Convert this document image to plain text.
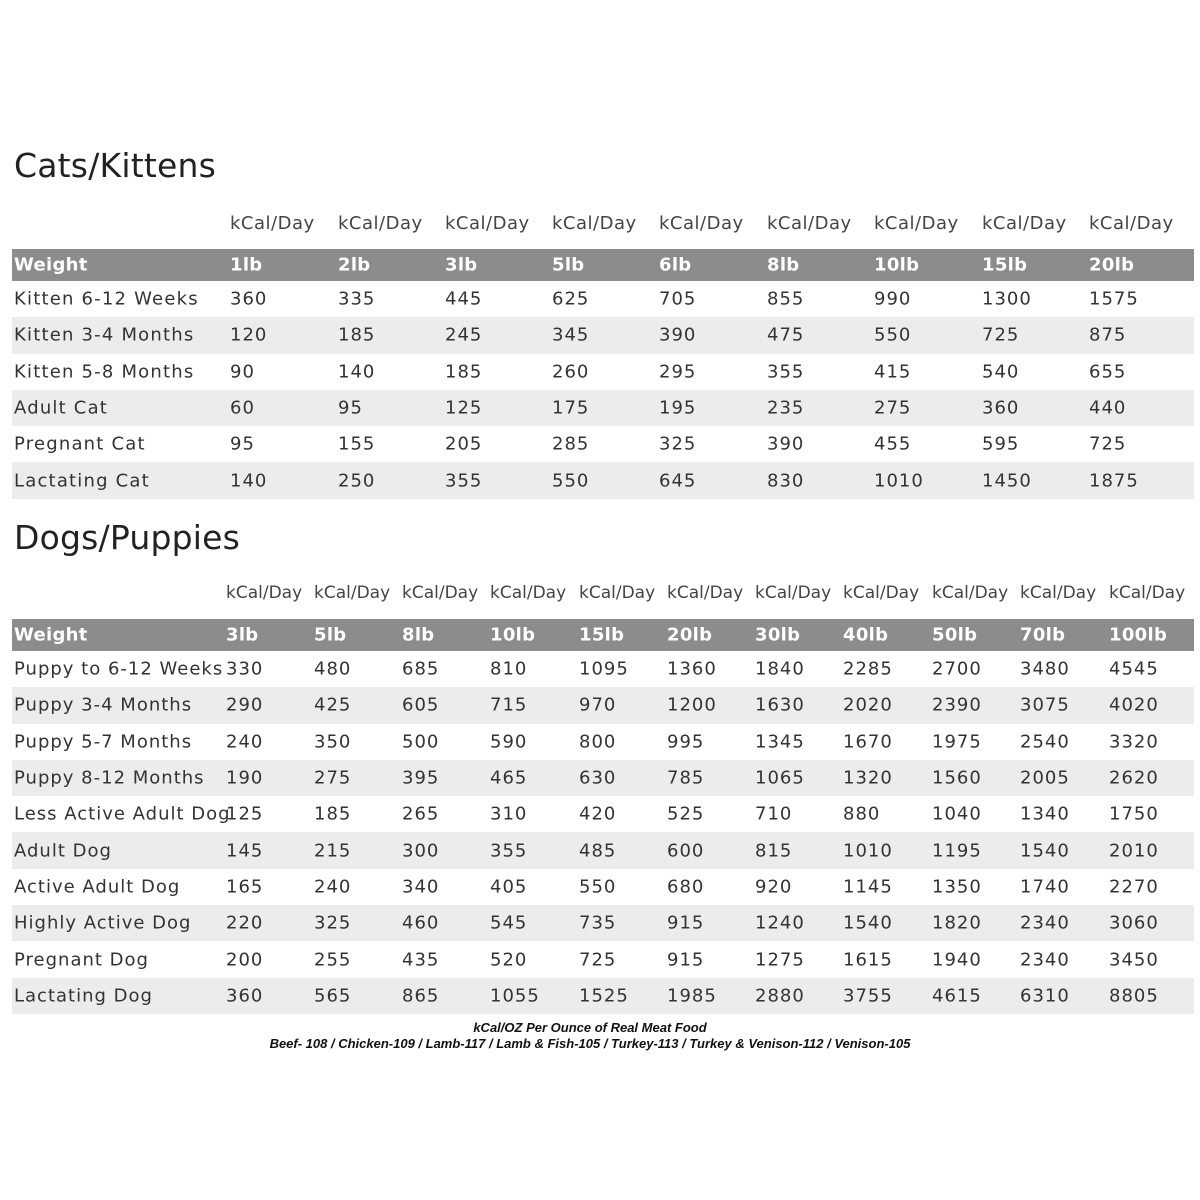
Cats/Kittens
kCal/Day kCal/Day kCal/Day kCal/Day kCal/Day kCal/Day kCal/Day kCal/Day kCal/Day
Weight	1lb	2lb	3lb	5lb	6lb	8lb	10lb	15lb	20lb
Kitten 6-12 Weeks 360	335	445	625	705	855	990	1300	1575
Kitten 3-4 Months 120	185	245	345	390	475	550	725	875
Kitten 5-8 Months 90	140	185	260	295	355	415	540	655
Adult Cat	60	95	125	175	195	235	275	360	440
Pregnant Cat	95	155	205	285	325	390	455	595	725
Lactating Cat	140	250	355	550	645	830	1010	1450	1875
Dogs/Puppies
kCal/Day kCal/Day kCal/Day kCal/Day kCal/Day kCal/Day kCal/Day kCal/Day kCal/Day kCal/Day kCal/Day
Weight	3lb	5lb	8lb	10lb 15lb 20lb 30lb 40lb 50lb 70lb 100lb
Puppy to 6-12 Weeks 330	480	685	810	1095 1360 1840 2285 2700 3480 4545
Puppy 3-4 Months 290	425	605	715	970	1200 1630 2020 2390 3075 4020
Puppy 5-7 Months 240	350	500	590	800	995	1345 1670 1975 2540 3320
Puppy 8-12 Months 190	275	395	465	630	785	1065 1320 1560 2005 2620
Less Active Adult Dog
125	185	265	310	420	525	710	880	1040 1340 1750
Adult Dog	145	215	300	355	485	600	815	1010 1195 1540 2010
Active Adult Dog	165	240	340	405	550	680	920	1145 1350 1740 2270
Highly Active Dog 220	325	460	545	735	915	1240 1540 1820 2340 3060
Pregnant Dog	200	255	435	520	725	915	1275 1615 1940 2340 3450
Lactating Dog	360	565	865	1055 1525 1985 2880 3755 4615 6310 8805
kCal/OZ Per Ounce of Real Meat Food
Beef- 108 / Chicken-109 / Lamb-117 / Lamb & Fish-105 / Turkey-113 / Turkey & Venison-112 / Venison-105
